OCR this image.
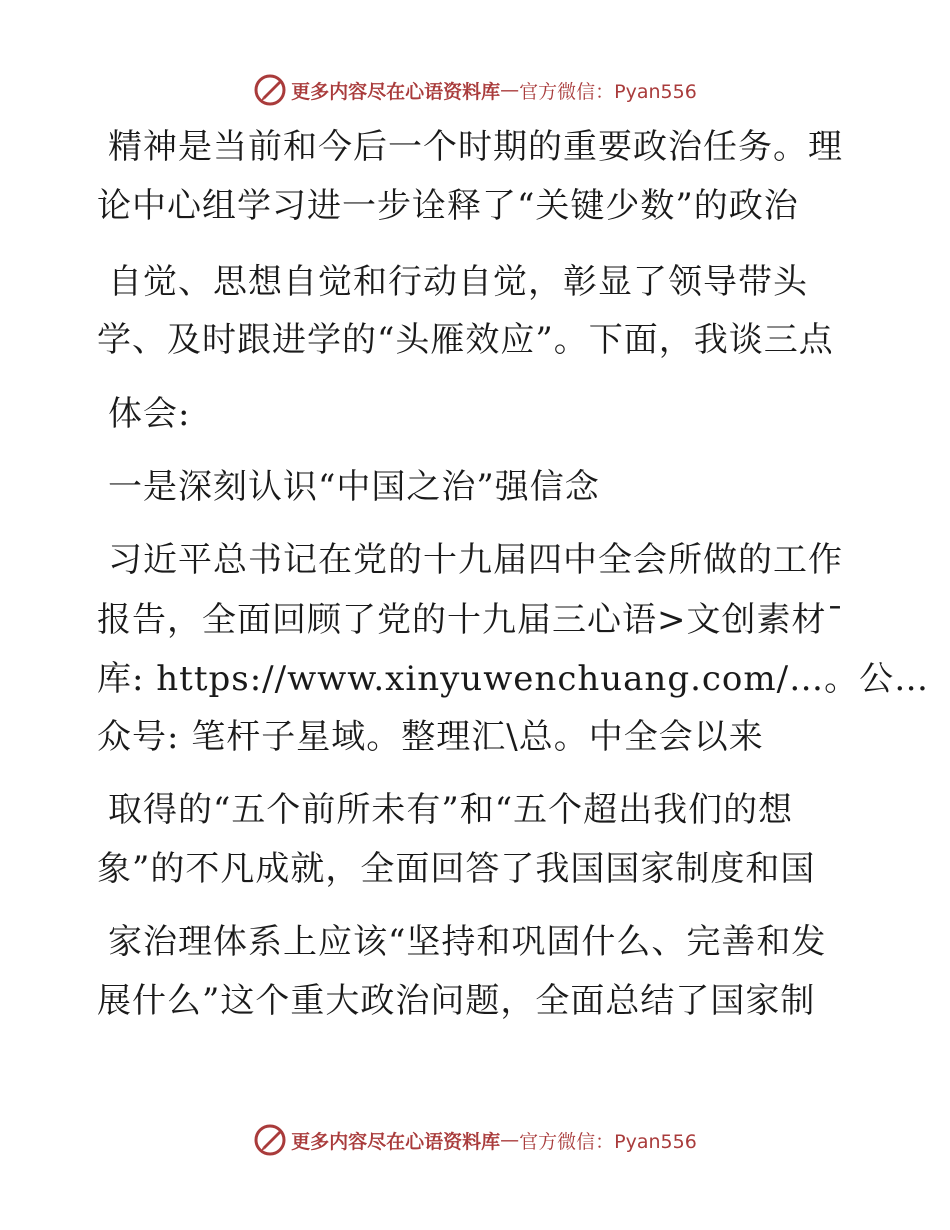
更多内容尽在心语资料库 — 官方微信：Pyan556
精神是当前和今后一个时期的重要政治任务。理
论中心组学习进一步诠释了“关键少数”的政治
自觉、思想自觉和行动自觉，彰显了领导带头
学、及时跟进学的“头雁效应”。下面，我谈三点
体会:
一是深刻认识“中国之治”强信念
习近平总书记在党的十九届四中全会所做的工作
报告，全面回顾了党的十九届三心语>文创素材¯
库: https://www.xinyuwenchuang.com/…。公…
众号: 笔杆子星域。整理汇\总。中全会以来
取得的“五个前所未有”和“五个超出我们的想
象”的不凡成就，全面回答了我国国家制度和国
家治理体系上应该“坚持和巩固什么、完善和发
展什么”这个重大政治问题，全面总结了国家制
更多内容尽在心语资料库 — 官方微信：Pyan556
